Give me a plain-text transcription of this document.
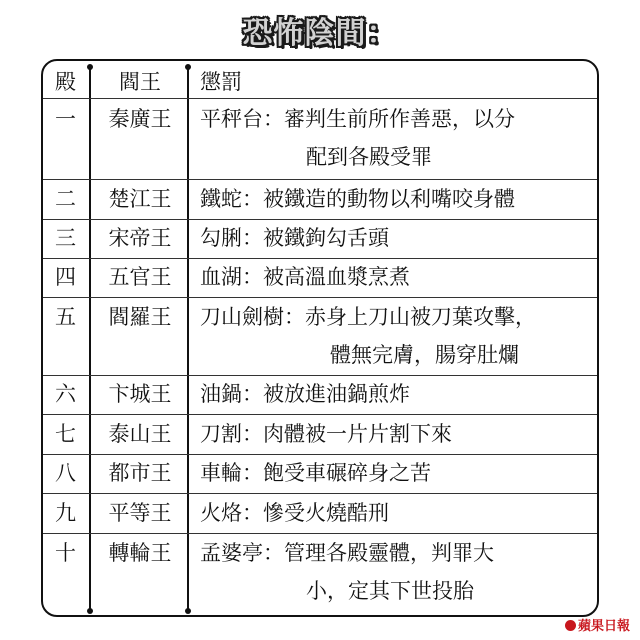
恐怖陰間：
殿	閻王	懲罰
一	秦廣王	平秤台：審判生前所作善惡，以分
配到各殿受罪
二	楚江王	鐵蛇：被鐵造的動物以利嘴咬身體
三	宋帝王	勾脷：被鐵鉤勾舌頭
四	五官王	血湖：被高溫血漿烹煮
五	閻羅王	刀山劍樹：赤身上刀山被刀葉攻擊，
體無完膚，腸穿肚爛
六	卞城王	油鍋：被放進油鍋煎炸
七	泰山王	刀割：肉體被一片片割下來
八	都市王	車輪：飽受車碾碎身之苦
九	平等王	火烙：慘受火燒酷刑
十	轉輪王	孟婆亭：管理各殿靈體，判罪大
小，定其下世投胎
蘋果日報
